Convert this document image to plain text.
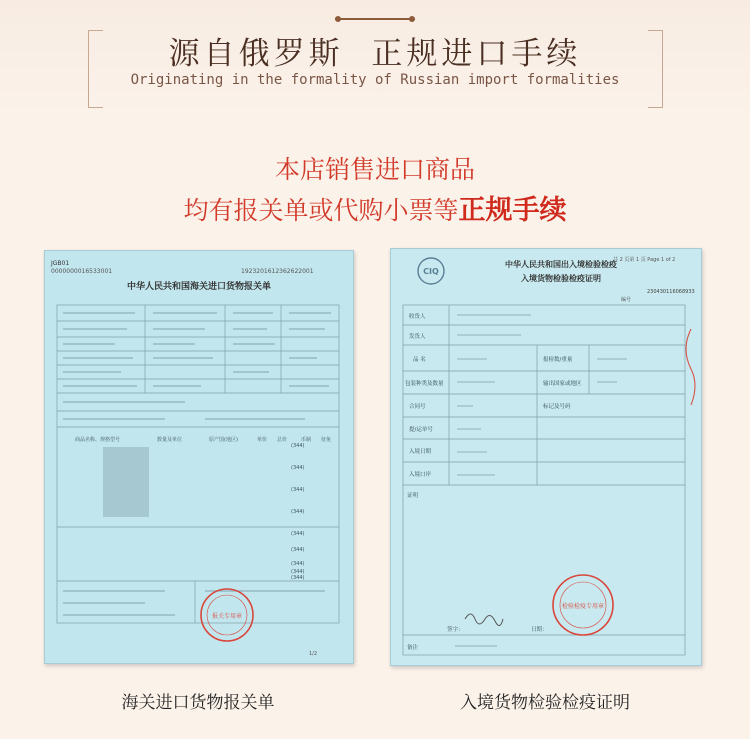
源自俄罗斯  正规进口手续
Originating in the formality of Russian import formalities
本店销售进口商品
均有报关单或代购小票等正规手续
JGB01
0000000016533001	1923201612362622001
中华人民共和国海关进口货物报关单
商品名称、规格型号	数量及单位	原产国(地区)	单价 总价	币制 征免
(344)
(344)
(344)
(344)
(344)
(344)
(344)
(344)
(344)
报关专用章
1/2
共 2 页第 1 页 Page 1 of 2
CIQ
中华人民共和国出入境检验检疫
入境货物检验检疫证明
编号
230430116068933
收货人
发货人
品 名	报检数/重量
包装种类及数量	输出国家或地区
合同号	标记及号码
提/运单号
入境日期
入境口岸
证明
签字：	日期：
备注
检验检疫专用章
海关进口货物报关单	入境货物检验检疫证明
